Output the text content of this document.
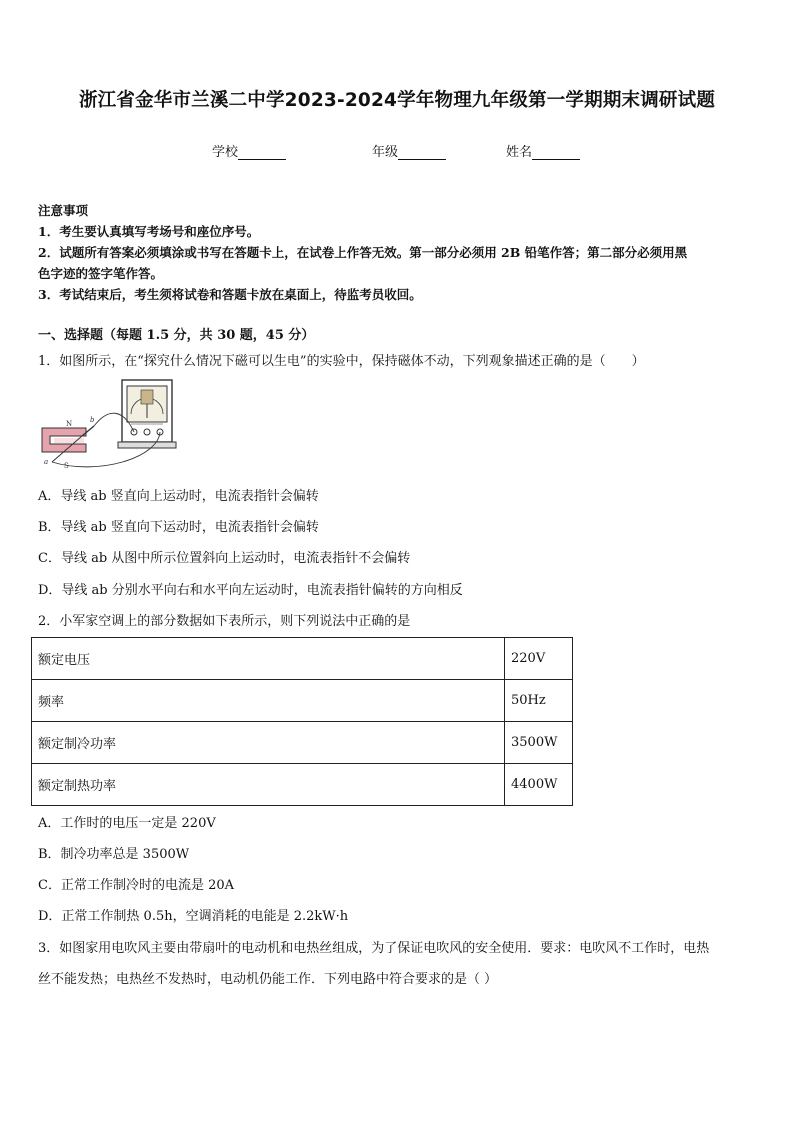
浙江省金华市兰溪二中学2023-2024学年物理九年级第一学期期末调研试题
学校	年级	姓名
注意事项
1．考生要认真填写考场号和座位序号。
2．试题所有答案必须填涂或书写在答题卡上，在试卷上作答无效。第一部分必须用 2B 铅笔作答；第二部分必须用黑
色字迹的签字笔作答。
3．考试结束后，考生须将试卷和答题卡放在桌面上，待监考员收回。
一、选择题（每题 1.5 分，共 30 题，45 分）
1．如图所示，在“探究什么情况下磁可以生电”的实验中，保持磁体不动，下列观象描述正确的是（　　）
N
S
a
b
A．导线 ab 竖直向上运动时，电流表指针会偏转
B．导线 ab 竖直向下运动时，电流表指针会偏转
C．导线 ab 从图中所示位置斜向上运动时，电流表指针不会偏转
D．导线 ab 分别水平向右和水平向左运动时，电流表指针偏转的方向相反
2．小军家空调上的部分数据如下表所示，则下列说法中正确的是
额定电压	220V
频率	50Hz
额定制冷功率	3500W
额定制热功率	4400W
A．工作时的电压一定是 220V
B．制冷功率总是 3500W
C．正常工作制冷时的电流是 20A
D．正常工作制热 0.5h，空调消耗的电能是 2.2kW·h
3．如图家用电吹风主要由带扇叶的电动机和电热丝组成，为了保证电吹风的安全使用．要求：电吹风不工作时，电热
丝不能发热；电热丝不发热时，电动机仍能工作．下列电路中符合要求的是（ ）
